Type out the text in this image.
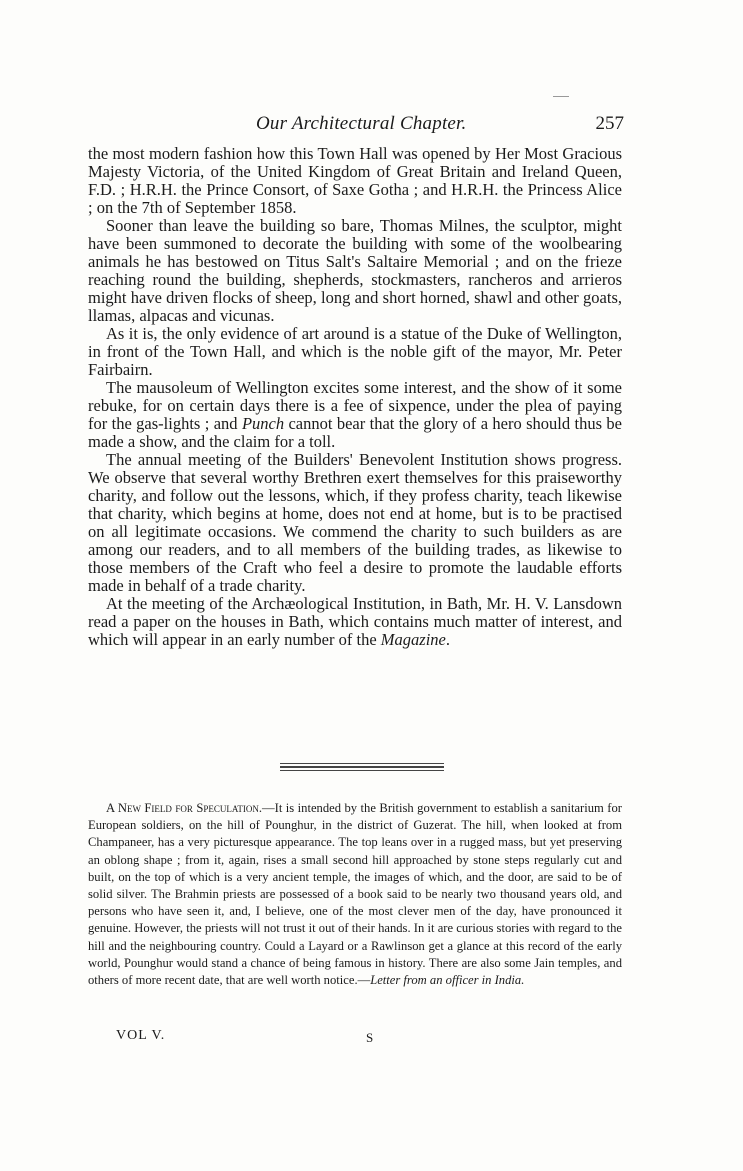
Our Architectural Chapter.	257

the most modern fashion how this Town Hall was opened by Her Most Gracious Majesty Victoria, of the United Kingdom of Great Britain and Ireland Queen, F.D. ; H.R.H. the Prince Consort, of Saxe Gotha ; and H.R.H. the Princess Alice ; on the 7th of September 1858.

Sooner than leave the building so bare, Thomas Milnes, the sculptor, might have been summoned to decorate the building with some of the woolbearing animals he has bestowed on Titus Salt's Saltaire Memorial ; and on the frieze reaching round the building, shepherds, stockmasters, rancheros and arrieros might have driven flocks of sheep, long and short horned, shawl and other goats, llamas, alpacas and vicunas.

As it is, the only evidence of art around is a statue of the Duke of Wellington, in front of the Town Hall, and which is the noble gift of the mayor, Mr. Peter Fairbairn.

The mausoleum of Wellington excites some interest, and the show of it some rebuke, for on certain days there is a fee of sixpence, under the plea of paying for the gas-lights ; and Punch cannot bear that the glory of a hero should thus be made a show, and the claim for a toll.

The annual meeting of the Builders' Benevolent Institution shows progress. We observe that several worthy Brethren exert themselves for this praiseworthy charity, and follow out the lessons, which, if they profess charity, teach likewise that charity, which begins at home, does not end at home, but is to be practised on all legitimate occasions. We commend the charity to such builders as are among our readers, and to all members of the building trades, as likewise to those members of the Craft who feel a desire to promote the laudable efforts made in behalf of a trade charity.

At the meeting of the Archæological Institution, in Bath, Mr. H. V. Lansdown read a paper on the houses in Bath, which contains much matter of interest, and which will appear in an early number of the Magazine.

A New Field for Speculation.—It is intended by the British government to establish a sanitarium for European soldiers, on the hill of Pounghur, in the district of Guzerat. The hill, when looked at from Champaneer, has a very picturesque appearance. The top leans over in a rugged mass, but yet preserving an oblong shape ; from it, again, rises a small second hill approached by stone steps regularly cut and built, on the top of which is a very ancient temple, the images of which, and the door, are said to be of solid silver. The Brahmin priests are possessed of a book said to be nearly two thousand years old, and persons who have seen it, and, I believe, one of the most clever men of the day, have pronounced it genuine. However, the priests will not trust it out of their hands. In it are curious stories with regard to the hill and the neighbouring country. Could a Layard or a Rawlinson get a glance at this record of the early world, Pounghur would stand a chance of being famous in history. There are also some Jain temples, and others of more recent date, that are well worth notice.—Letter from an officer in India.

VOL V.	S
